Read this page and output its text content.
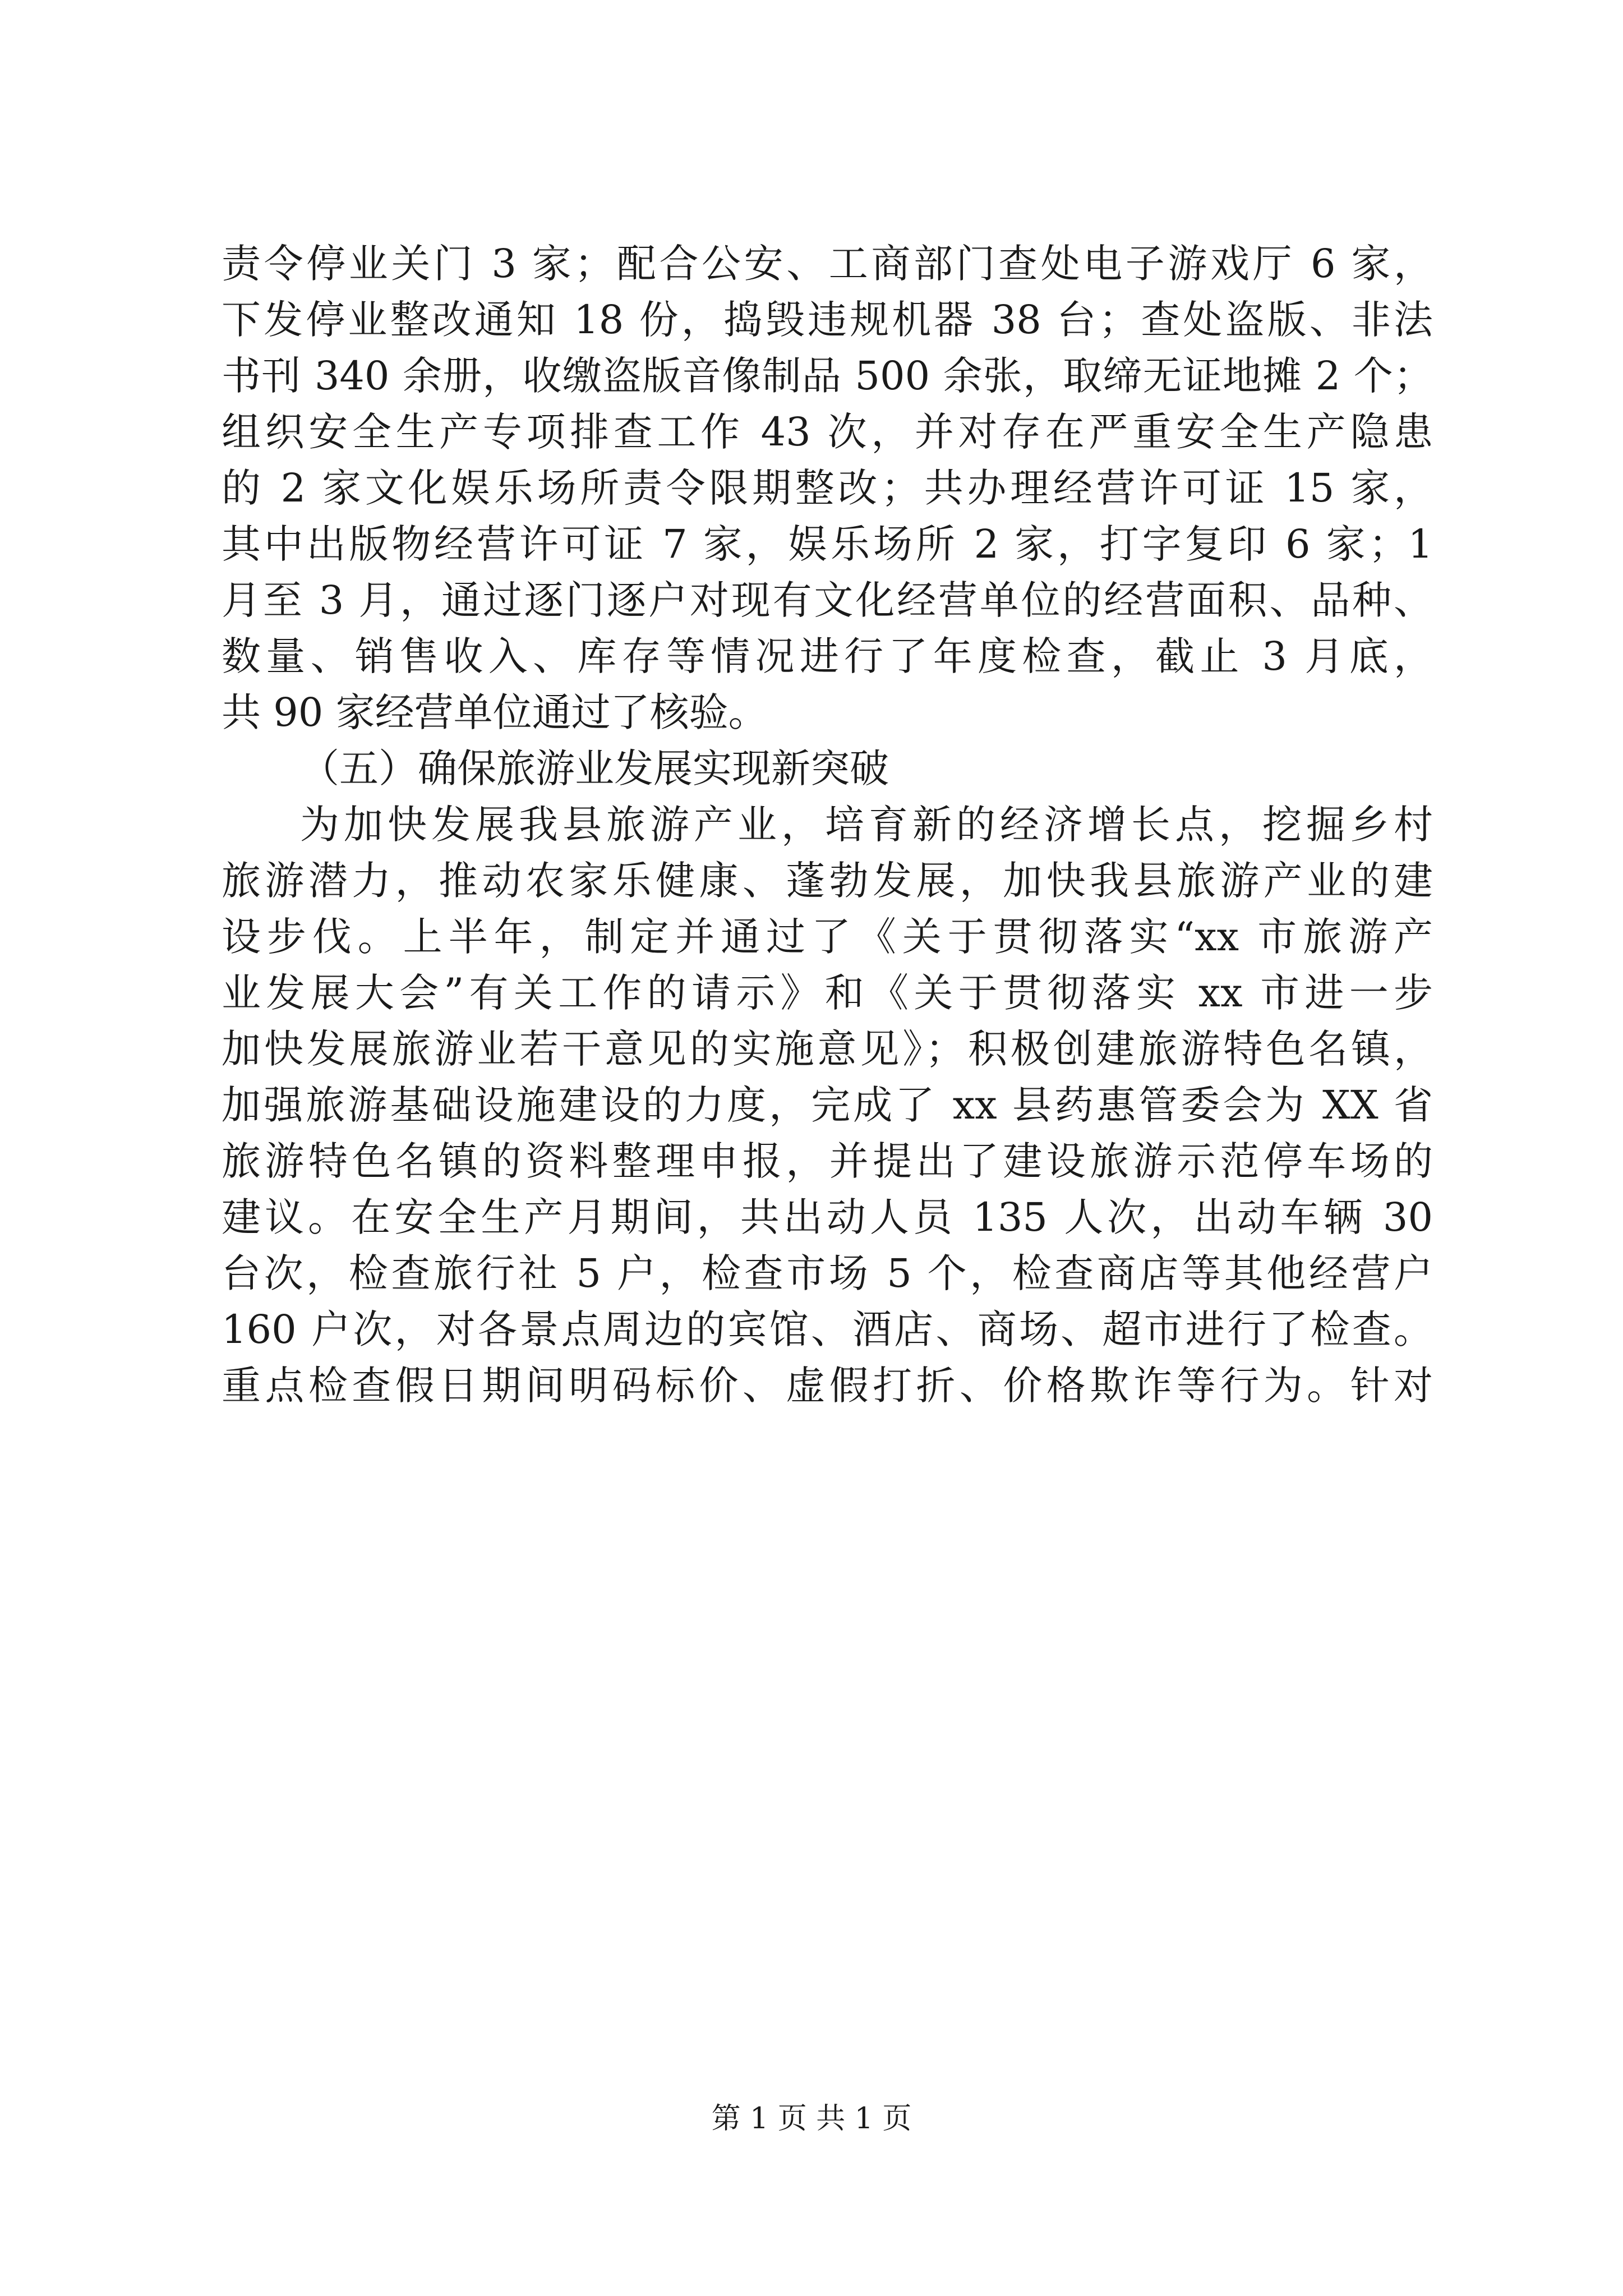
责令停业关门 3 家；配合公安、工商部门查处电子游戏厅 6 家，
下发停业整改通知 18 份，捣毁违规机器 38 台；查处盗版、非法
书刊 340 余册，收缴盗版音像制品 500 余张，取缔无证地摊 2 个；
组织安全生产专项排查工作 43 次，并对存在严重安全生产隐患
的 2 家文化娱乐场所责令限期整改；共办理经营许可证 15 家，
其中出版物经营许可证 7 家，娱乐场所 2 家，打字复印 6 家；1
月至 3 月，通过逐门逐户对现有文化经营单位的经营面积、品种、
数量、销售收入、库存等情况进行了年度检查，截止 3 月底，
共 90 家经营单位通过了核验。
（五）确保旅游业发展实现新突破
为加快发展我县旅游产业，培育新的经济增长点，挖掘乡村
旅游潜力，推动农家乐健康、蓬勃发展，加快我县旅游产业的建
设步伐。上半年，制定并通过了《关于贯彻落实“xx 市旅游产
业发展大会”有关工作的请示》和《关于贯彻落实 xx 市进一步
加快发展旅游业若干意见的实施意见》；积极创建旅游特色名镇，
加强旅游基础设施建设的力度，完成了 xx 县药惠管委会为 XX 省
旅游特色名镇的资料整理申报，并提出了建设旅游示范停车场的
建议。在安全生产月期间，共出动人员 135 人次，出动车辆 30
台次，检查旅行社 5 户，检查市场 5 个，检查商店等其他经营户
160 户次，对各景点周边的宾馆、酒店、商场、超市进行了检查。
重点检查假日期间明码标价、虚假打折、价格欺诈等行为。针对
第 1 页 共 1 页
